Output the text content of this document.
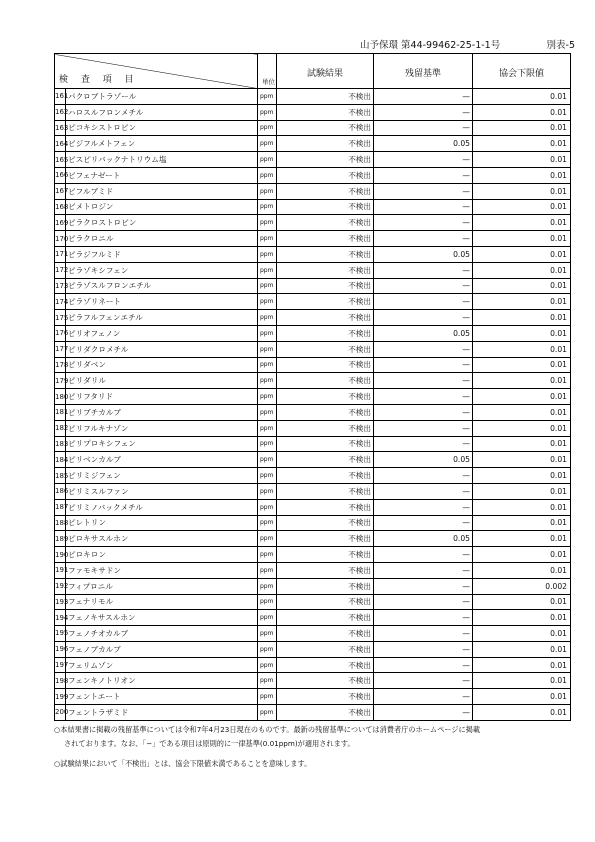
山予保環 第44-99462-25-1-1号	別表-5
検 査 項 目		単位	試験結果	残留基準	協会下限値
161	パクロブトラゾール	ppm	不検出	—	0.01
162	ハロスルフロンメチル	ppm	不検出	—	0.01
163	ピコキシストロビン	ppm	不検出	—	0.01
164	ビジフルメトフェン	ppm	不検出	0.05	0.01
165	ビスピリバックナトリウム塩	ppm	不検出	—	0.01
166	ビフェナゼート	ppm	不検出	—	0.01
167	ビフルブミド	ppm	不検出	—	0.01
168	ビメトロジン	ppm	不検出	—	0.01
169	ピラクロストロビン	ppm	不検出	—	0.01
170	ピラクロニル	ppm	不検出	—	0.01
171	ピラジフルミド	ppm	不検出	0.05	0.01
172	ピラゾキシフェン	ppm	不検出	—	0.01
173	ピラゾスルフロンエチル	ppm	不検出	—	0.01
174	ピラゾリネート	ppm	不検出	—	0.01
175	ピラフルフェンエチル	ppm	不検出	—	0.01
176	ピリオフェノン	ppm	不検出	0.05	0.01
177	ピリダクロメチル	ppm	不検出	—	0.01
178	ピリダベン	ppm	不検出	—	0.01
179	ピリダリル	ppm	不検出	—	0.01
180	ピリフタリド	ppm	不検出	—	0.01
181	ピリブチカルブ	ppm	不検出	—	0.01
182	ピリフルキナゾン	ppm	不検出	—	0.01
183	ピリプロキシフェン	ppm	不検出	—	0.01
184	ピリベンカルブ	ppm	不検出	0.05	0.01
185	ピリミジフェン	ppm	不検出	—	0.01
186	ピリミスルファン	ppm	不検出	—	0.01
187	ピリミノバックメチル	ppm	不検出	—	0.01
188	ピレトリン	ppm	不検出	—	0.01
189	ピロキサスルホン	ppm	不検出	0.05	0.01
190	ピロキロン	ppm	不検出	—	0.01
191	ファモキサドン	ppm	不検出	—	0.01
192	フィプロニル	ppm	不検出	—	0.002
193	フェナリモル	ppm	不検出	—	0.01
194	フェノキサスルホン	ppm	不検出	—	0.01
195	フェノチオカルブ	ppm	不検出	—	0.01
196	フェノブカルブ	ppm	不検出	—	0.01
197	フェリムゾン	ppm	不検出	—	0.01
198	フェンキノトリオン	ppm	不検出	—	0.01
199	フェントエート	ppm	不検出	—	0.01
200	フェントラザミド	ppm	不検出	—	0.01

○本結果書に掲載の残留基準については令和7年4月23日現在のものです。最新の残留基準については消費者庁のホームページに掲載

されております。なお、「−」である項目は原則的に一律基準(0.01ppm)が適用されます。

○試験結果において「不検出」とは、協会下限値未満であることを意味します。
